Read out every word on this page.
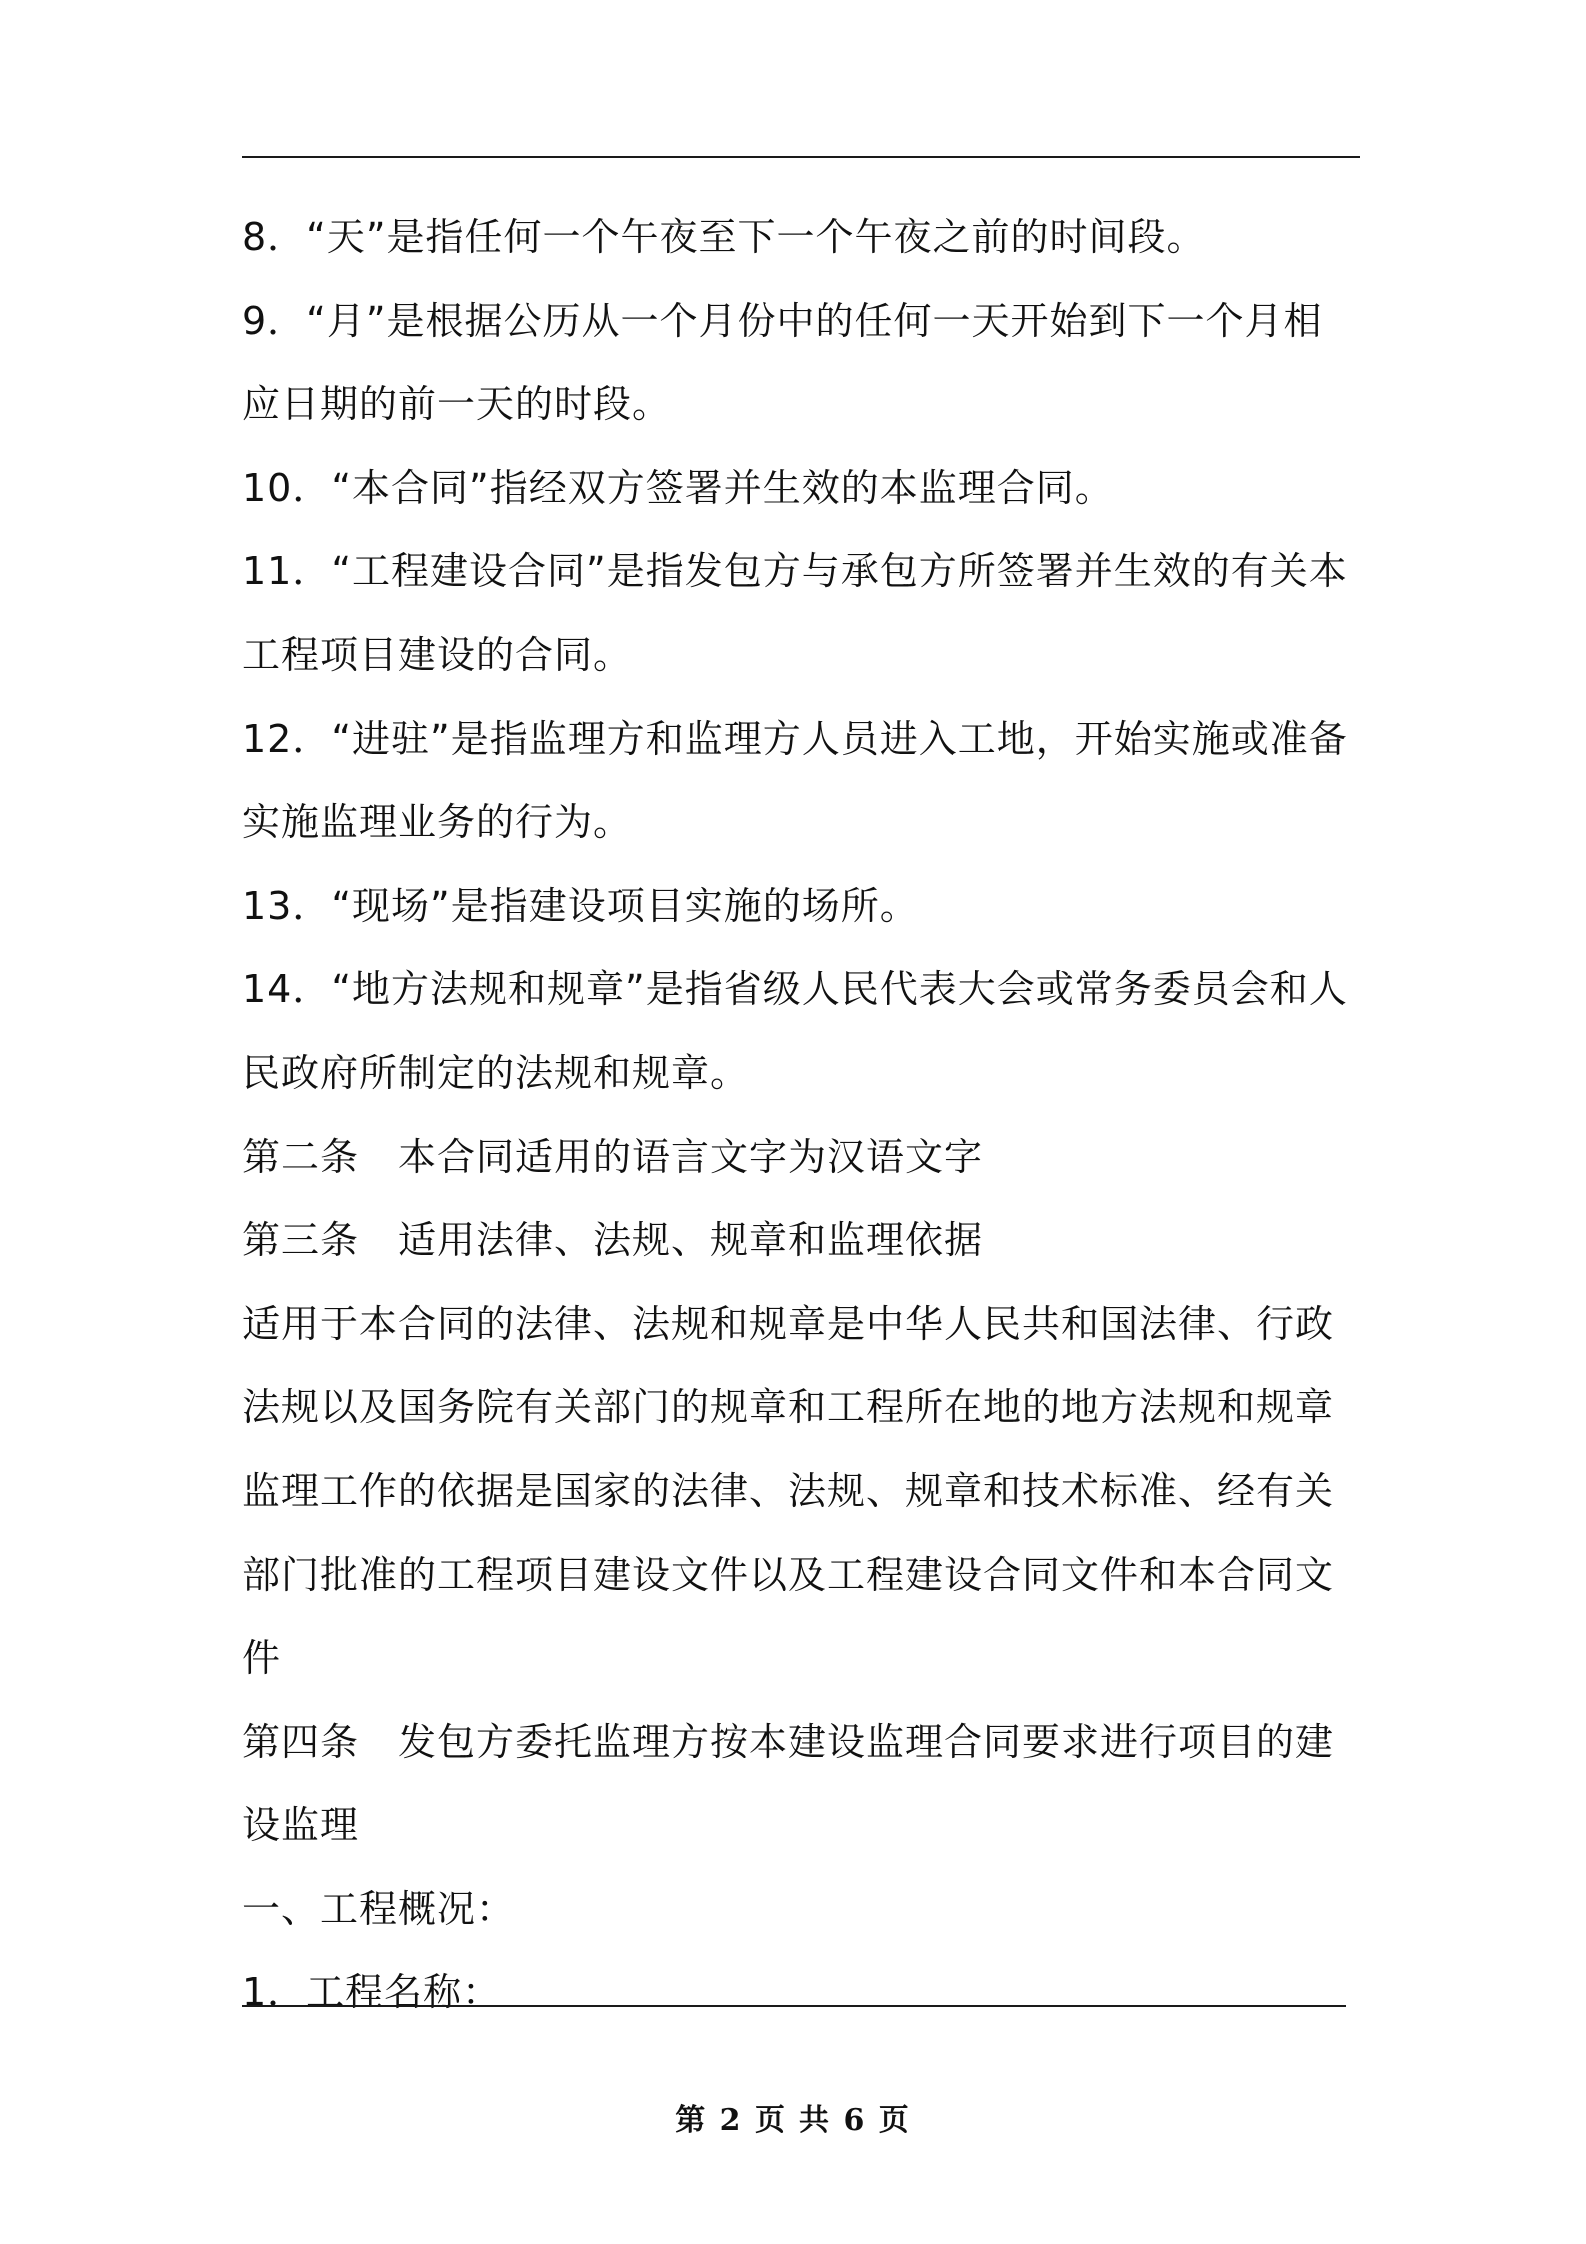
8．“天”是指任何一个午夜至下一个午夜之前的时间段。

9．“月”是根据公历从一个月份中的任何一天开始到下一个月相应日期的前一天的时段。

10．“本合同”指经双方签署并生效的本监理合同。

11．“工程建设合同”是指发包方与承包方所签署并生效的有关本工程项目建设的合同。

12．“进驻”是指监理方和监理方人员进入工地，开始实施或准备实施监理业务的行为。

13．“现场”是指建设项目实施的场所。

14．“地方法规和规章”是指省级人民代表大会或常务委员会和人民政府所制定的法规和规章。

第二条　本合同适用的语言文字为汉语文字

第三条　适用法律、法规、规章和监理依据

适用于本合同的法律、法规和规章是中华人民共和国法律、行政法规以及国务院有关部门的规章和工程所在地的地方法规和规章监理工作的依据是国家的法律、法规、规章和技术标准、经有关部门批准的工程项目建设文件以及工程建设合同文件和本合同文件

第四条　发包方委托监理方按本建设监理合同要求进行项目的建设监理

一、工程概况：

1．工程名称：

第 2 页 共 6 页
